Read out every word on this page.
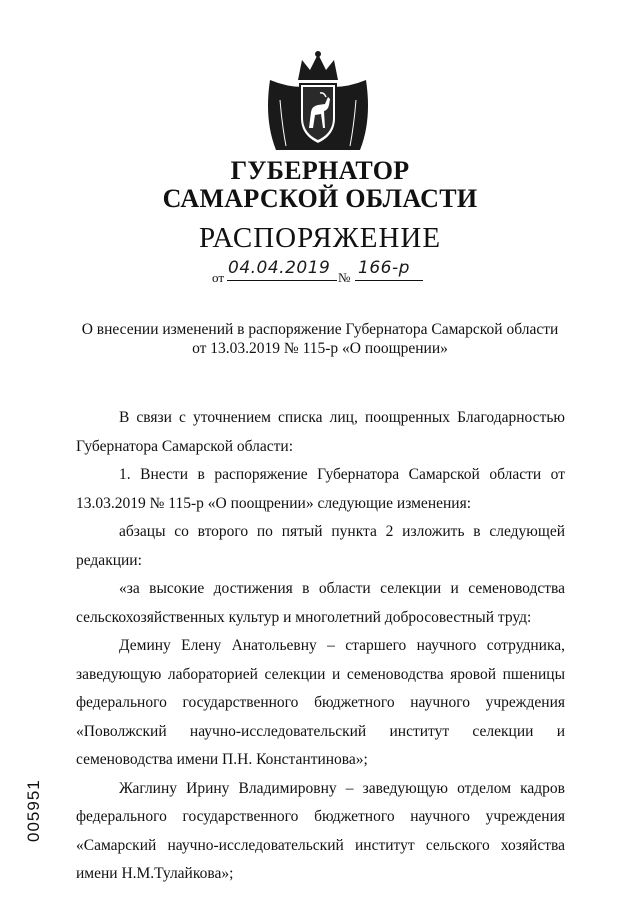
ГУБЕРНАТОР
САМАРСКОЙ ОБЛАСТИ
РАСПОРЯЖЕНИЕ
от 04.04.2019 № 166-р
О внесении изменений в распоряжение Губернатора Самарской области
от 13.03.2019 № 115-р «О поощрении»

В связи с уточнением списка лиц, поощренных Благодарностью Губернатора Самарской области:

1. Внести в распоряжение Губернатора Самарской области от 13.03.2019 № 115-р «О поощрении» следующие изменения:

абзацы со второго по пятый пункта 2 изложить в следующей редакции:

«за высокие достижения в области селекции и семеноводства сельскохозяйственных культур и многолетний добросовестный труд:

Демину Елену Анатольевну – старшего научного сотрудника, заведующую лабораторией селекции и семеноводства яровой пшеницы федерального государственного бюджетного научного учреждения «Поволжский научно-исследовательский институт селекции и семеноводства имени П.Н. Константинова»;

Жаглину Ирину Владимировну – заведующую отделом кадров федерального государственного бюджетного научного учреждения «Самарский научно-исследовательский институт сельского хозяйства имени Н.М.Тулайкова»;

005951
